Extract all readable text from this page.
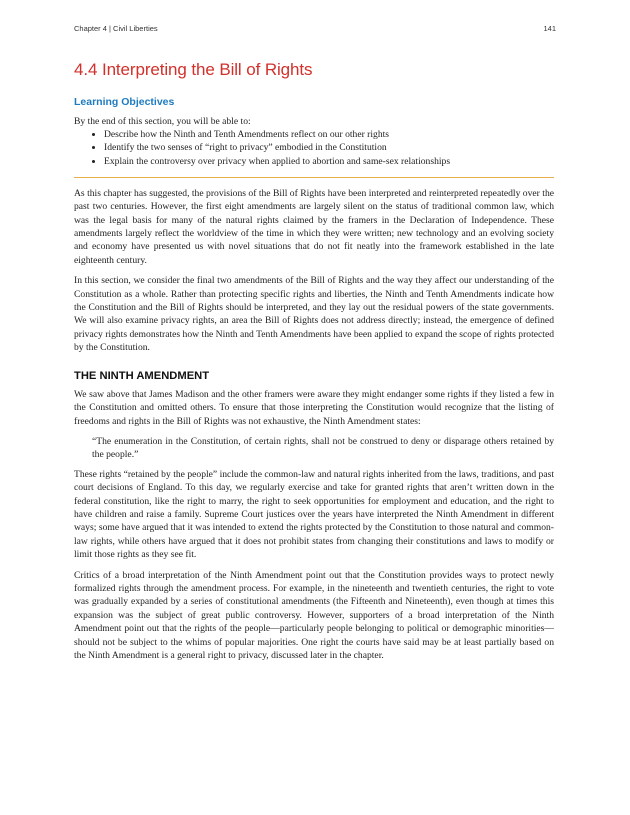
Chapter 4 | Civil Liberties	141
4.4 Interpreting the Bill of Rights
Learning Objectives
By the end of this section, you will be able to:
• Describe how the Ninth and Tenth Amendments reflect on our other rights
• Identify the two senses of “right to privacy” embodied in the Constitution
• Explain the controversy over privacy when applied to abortion and same-sex relationships

As this chapter has suggested, the provisions of the Bill of Rights have been interpreted and reinterpreted repeatedly over the past two centuries. However, the first eight amendments are largely silent on the status of traditional common law, which was the legal basis for many of the natural rights claimed by the framers in the Declaration of Independence. These amendments largely reflect the worldview of the time in which they were written; new technology and an evolving society and economy have presented us with novel situations that do not fit neatly into the framework established in the late eighteenth century.

In this section, we consider the final two amendments of the Bill of Rights and the way they affect our understanding of the Constitution as a whole. Rather than protecting specific rights and liberties, the Ninth and Tenth Amendments indicate how the Constitution and the Bill of Rights should be interpreted, and they lay out the residual powers of the state governments. We will also examine privacy rights, an area the Bill of Rights does not address directly; instead, the emergence of defined privacy rights demonstrates how the Ninth and Tenth Amendments have been applied to expand the scope of rights protected by the Constitution.

THE NINTH AMENDMENT

We saw above that James Madison and the other framers were aware they might endanger some rights if they listed a few in the Constitution and omitted others. To ensure that those interpreting the Constitution would recognize that the listing of freedoms and rights in the Bill of Rights was not exhaustive, the Ninth Amendment states:

“The enumeration in the Constitution, of certain rights, shall not be construed to deny or disparage others retained by the people.”

These rights “retained by the people” include the common-law and natural rights inherited from the laws, traditions, and past court decisions of England. To this day, we regularly exercise and take for granted rights that aren’t written down in the federal constitution, like the right to marry, the right to seek opportunities for employment and education, and the right to have children and raise a family. Supreme Court justices over the years have interpreted the Ninth Amendment in different ways; some have argued that it was intended to extend the rights protected by the Constitution to those natural and common-law rights, while others have argued that it does not prohibit states from changing their constitutions and laws to modify or limit those rights as they see fit.

Critics of a broad interpretation of the Ninth Amendment point out that the Constitution provides ways to protect newly formalized rights through the amendment process. For example, in the nineteenth and twentieth centuries, the right to vote was gradually expanded by a series of constitutional amendments (the Fifteenth and Nineteenth), even though at times this expansion was the subject of great public controversy. However, supporters of a broad interpretation of the Ninth Amendment point out that the rights of the people—particularly people belonging to political or demographic minorities—should not be subject to the whims of popular majorities. One right the courts have said may be at least partially based on the Ninth Amendment is a general right to privacy, discussed later in the chapter.
